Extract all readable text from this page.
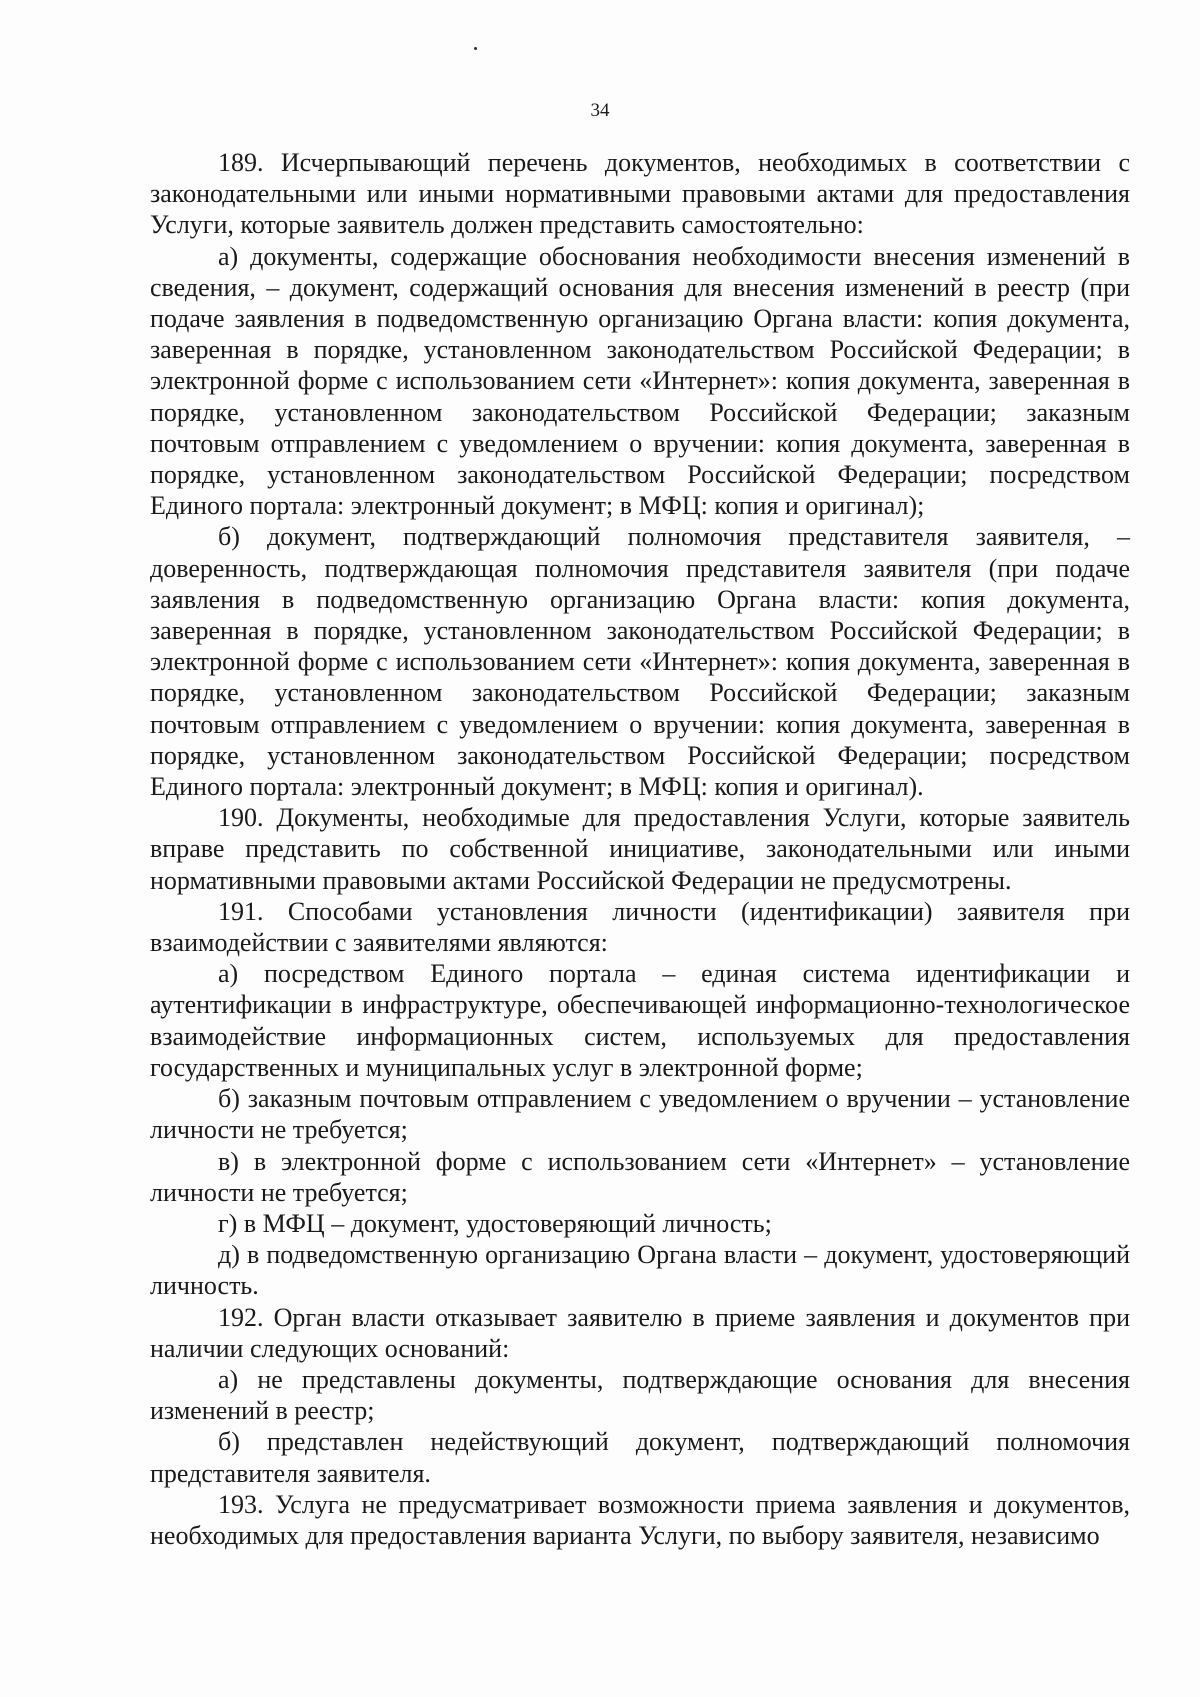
34

189. Исчерпывающий перечень документов, необходимых в соответствии с законодательными или иными нормативными правовыми актами для предоставления Услуги, которые заявитель должен представить самостоятельно:

а) документы, содержащие обоснования необходимости внесения изменений в сведения, – документ, содержащий основания для внесения изменений в реестр (при подаче заявления в подведомственную организацию Органа власти: копия документа, заверенная в порядке, установленном законодательством Российской Федерации; в электронной форме с использованием сети «Интернет»: копия документа, заверенная в порядке, установленном законодательством Российской Федерации; заказным почтовым отправлением с уведомлением о вручении: копия документа, заверенная в порядке, установленном законодательством Российской Федерации; посредством Единого портала: электронный документ; в МФЦ: копия и оригинал);

б) документ, подтверждающий полномочия представителя заявителя, – доверенность, подтверждающая полномочия представителя заявителя (при подаче заявления в подведомственную организацию Органа власти: копия документа, заверенная в порядке, установленном законодательством Российской Федерации; в электронной форме с использованием сети «Интернет»: копия документа, заверенная в порядке, установленном законодательством Российской Федерации; заказным почтовым отправлением с уведомлением о вручении: копия документа, заверенная в порядке, установленном законодательством Российской Федерации; посредством Единого портала: электронный документ; в МФЦ: копия и оригинал).

190. Документы, необходимые для предоставления Услуги, которые заявитель вправе представить по собственной инициативе, законодательными или иными нормативными правовыми актами Российской Федерации не предусмотрены.

191. Способами установления личности (идентификации) заявителя при взаимодействии с заявителями являются:

а) посредством Единого портала – единая система идентификации и аутентификации в инфраструктуре, обеспечивающей информационно-технологическое взаимодействие информационных систем, используемых для предоставления государственных и муниципальных услуг в электронной форме;

б) заказным почтовым отправлением с уведомлением о вручении – установление личности не требуется;

в) в электронной форме с использованием сети «Интернет» – установление личности не требуется;

г) в МФЦ – документ, удостоверяющий личность;

д) в подведомственную организацию Органа власти – документ, удостоверяющий личность.

192. Орган власти отказывает заявителю в приеме заявления и документов при наличии следующих оснований:

а) не представлены документы, подтверждающие основания для внесения изменений в реестр;

б) представлен недействующий документ, подтверждающий полномочия представителя заявителя.

193. Услуга не предусматривает возможности приема заявления и документов, необходимых для предоставления варианта Услуги, по выбору заявителя, независимо
